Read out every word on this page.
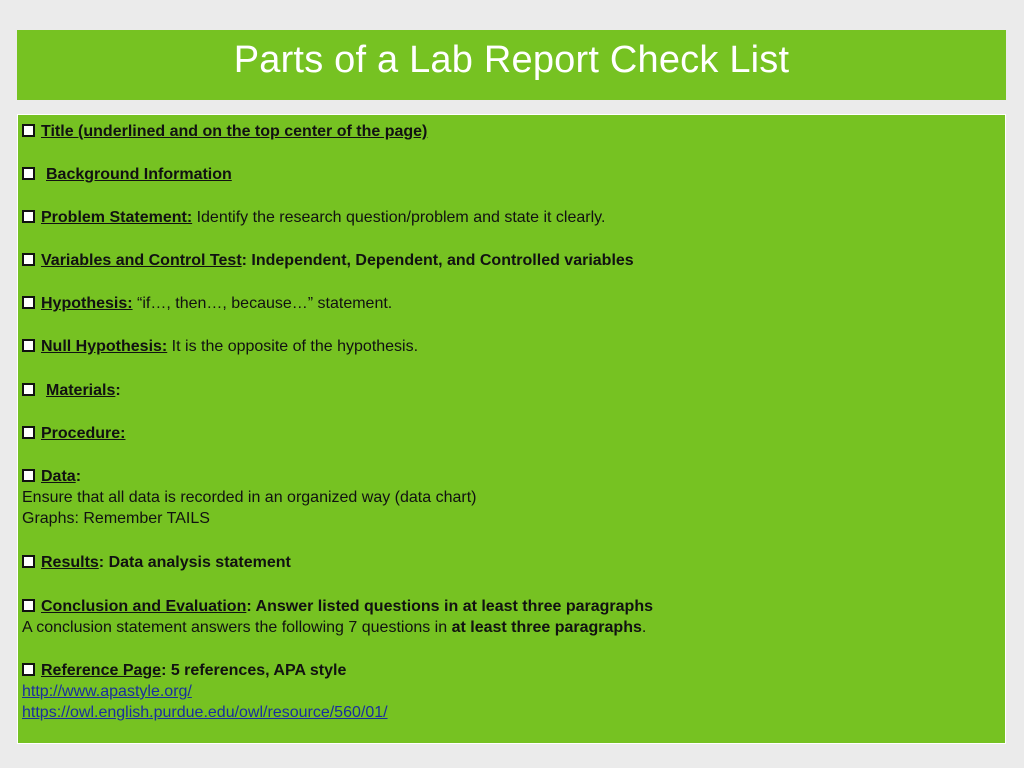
Parts of a Lab Report Check List
Title (underlined and on the top center of the page)
Background Information
Problem Statement: Identify the research question/problem and state it clearly.
Variables and Control Test: Independent, Dependent, and Controlled variables
Hypothesis: “if…, then…, because…” statement.
Null Hypothesis: It is the opposite of the hypothesis.
Materials:
Procedure:
Data:
Ensure that all data is recorded in an organized way (data chart)
Graphs: Remember TAILS
Results: Data analysis statement
Conclusion and Evaluation: Answer listed questions in at least three paragraphs
A conclusion statement answers the following 7 questions in at least three paragraphs.
Reference Page: 5 references, APA style
http://www.apastyle.org/
https://owl.english.purdue.edu/owl/resource/560/01/
